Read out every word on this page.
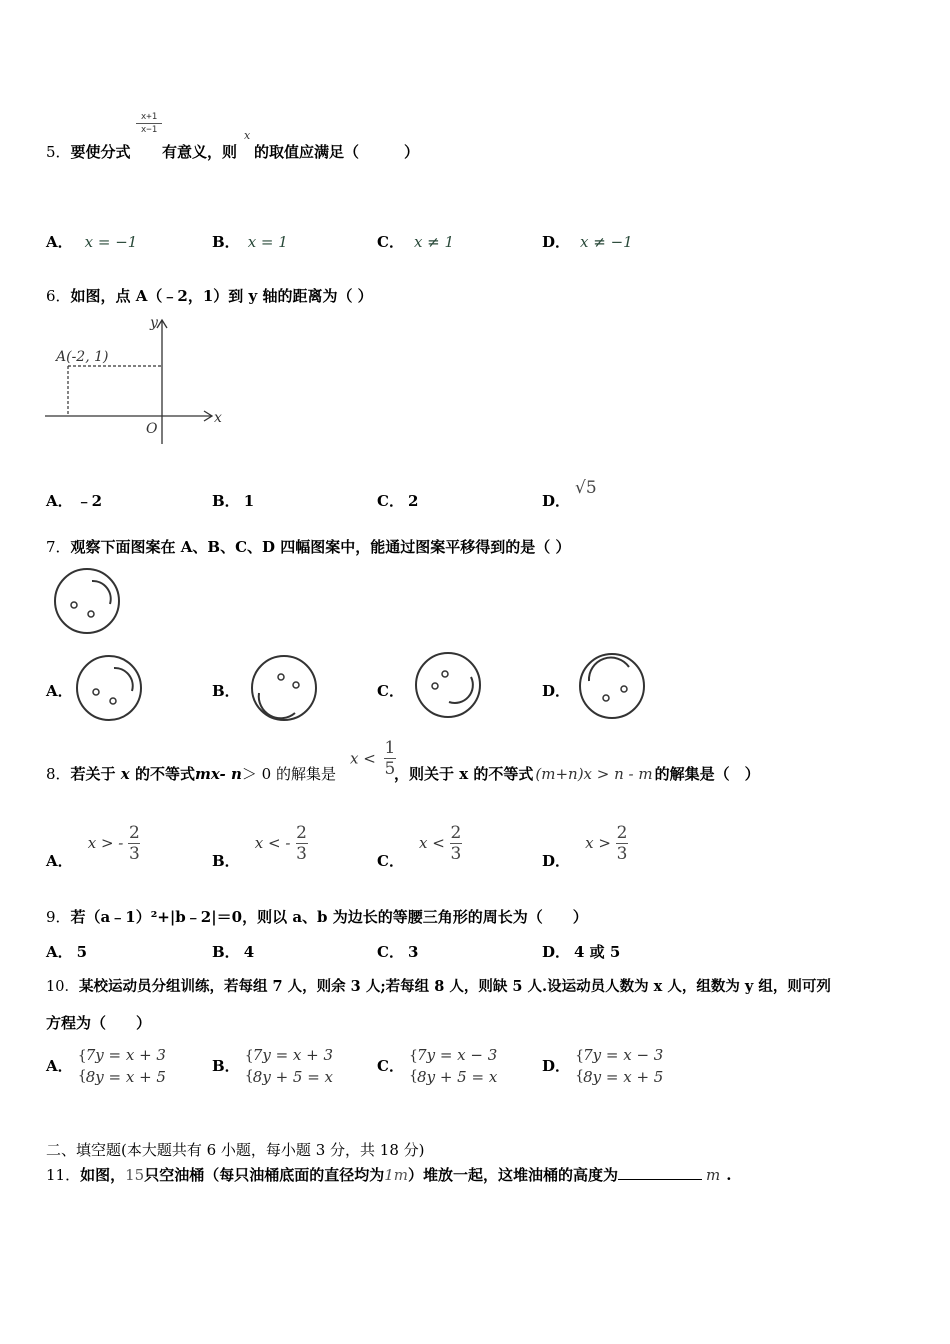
5．要使分式
x+1
x−1
有意义，则
x
的取值应满足（　　　）
A． x = −1	B． x = 1	C． x ≠ 1	D． x ≠ −1
6．如图，点 A（﹣2，1）到 y 轴的距离为（ ）
A(-2, 1)
O
x
y
A． ﹣2	B． 1	C． 2	D．
√5
7．观察下面图案在 A、B、C、D 四幅图案中，能通过图案平移得到的是（ ）
A．	B．	C．	D．
8．若关于 x 的不等式mx- n＞ 0 的解集是
$x < \frac{1}{5}$
，则关于 x 的不等式 (m+n)x > n - m 的解集是（　）
A． x > - $\frac{2}{3}$	B． x < - $\frac{2}{3}$	C． $x < \frac{2}{3}$	D． $x > \frac{2}{3}$
9．若（a﹣1）²+|b﹣2|＝0，则以 a、b 为边长的等腰三角形的周长为（　　）
A． 5	B． 4	C． 3	D． 4 或 5
10．某校运动员分组训练，若每组 7 人，则余 3 人;若每组 8 人，则缺 5 人.设运动员人数为 x 人，组数为 y 组，则可列
方程为（　　）
A．
{
{
7y = x + 3
8y = x + 5
B．
{
{
7y = x + 3
8y + 5 = x
C．
{
{
7y = x − 3
8y + 5 = x
D．
{
{
7y = x − 3
8y = x + 5
二、填空题(本大题共有 6 小题，每小题 3 分，共 18 分)
11．如图，15只空油桶（每只油桶底面的直径均为1m）堆放一起，这堆油桶的高度为	m .
